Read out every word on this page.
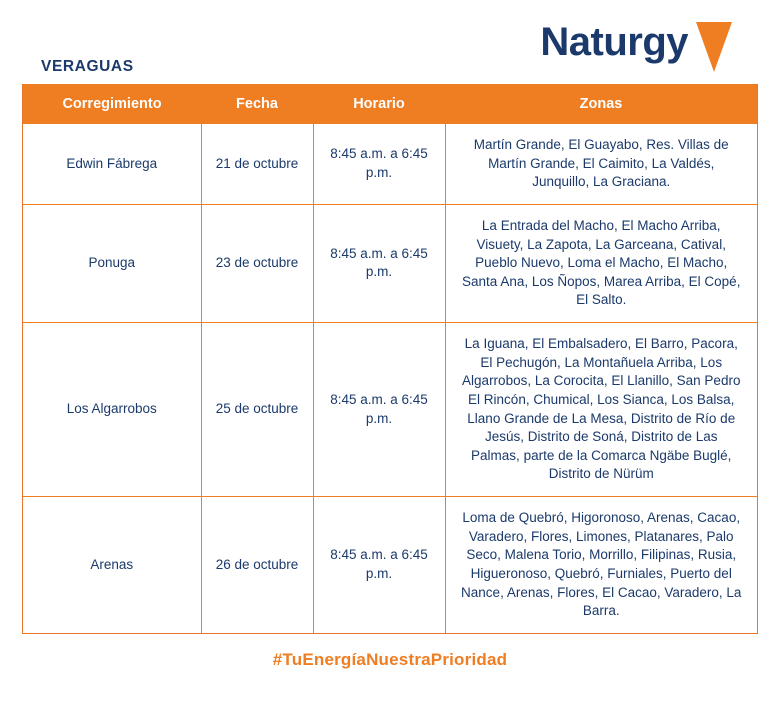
VERAGUAS
Naturgy
Corregimiento	Fecha	Horario	Zonas
Edwin Fábrega	21 de octubre	8:45 a.m. a 6:45 p.m.	Martín Grande, El Guayabo, Res. Villas de Martín Grande, El Caimito, La Valdés, Junquillo, La Graciana.
Ponuga	23 de octubre	8:45 a.m. a 6:45 p.m.	La Entrada del Macho, El Macho Arriba, Visuety, La Zapota, La Garceana, Catival, Pueblo Nuevo, Loma el Macho, El Macho, Santa Ana, Los Ñopos, Marea Arriba, El Copé, El Salto.
Los Algarrobos	25 de octubre	8:45 a.m. a 6:45 p.m.	La Iguana, El Embalsadero, El Barro, Pacora, El Pechugón, La Montañuela Arriba, Los Algarrobos, La Corocita, El Llanillo, San Pedro El Rincón, Chumical, Los Sianca, Los Balsa, Llano Grande de La Mesa, Distrito de Río de Jesús, Distrito de Soná, Distrito de Las Palmas, parte de la Comarca Ngäbe Buglé, Distrito de Nürüm
Arenas	26 de octubre	8:45 a.m. a 6:45 p.m.	Loma de Quebró, Higoronoso, Arenas, Cacao, Varadero, Flores, Limones, Platanares, Palo Seco, Malena Torio, Morrillo, Filipinas, Rusia, Higueronoso, Quebró, Furniales, Puerto del Nance, Arenas, Flores, El Cacao, Varadero, La Barra.
#TuEnergíaNuestraPrioridad
